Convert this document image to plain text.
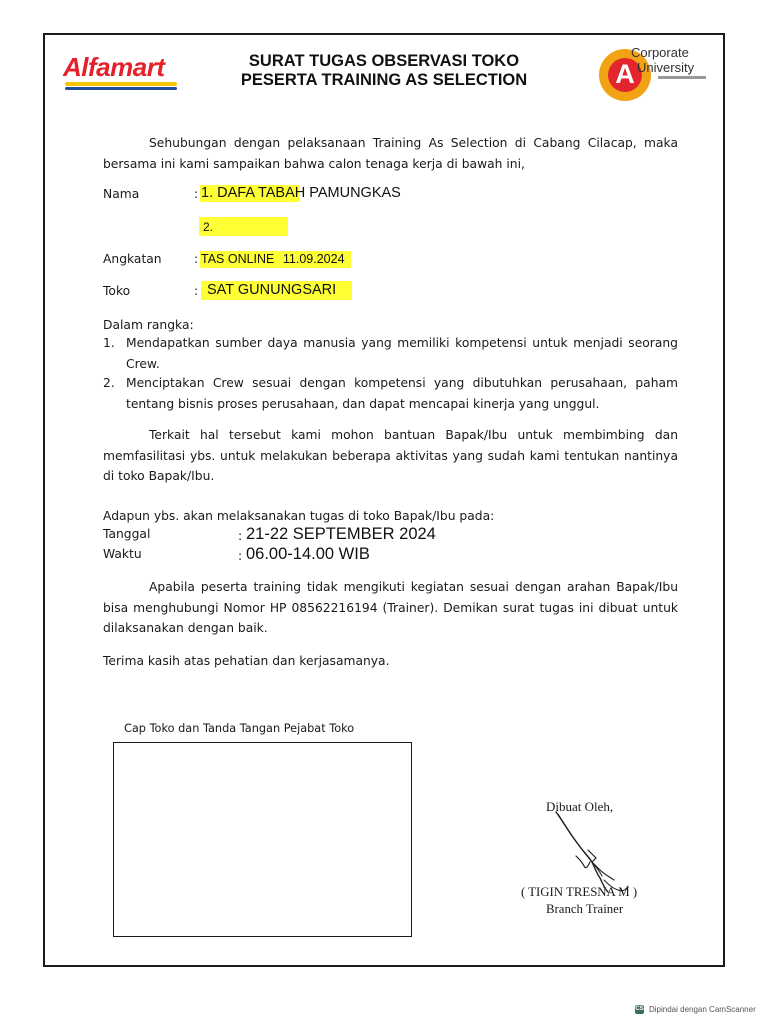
Alfamart	SURAT TUGAS OBSERVASI TOKO
PESERTA TRAINING AS SELECTION	A
Corporate
University
Sehubungan dengan pelaksanaan Training As Selection di Cabang Cilacap, maka bersama ini kami sampaikan bahwa calon tenaga kerja di bawah ini,
Nama	: 1. DAFA TABAH PAMUNGKAS
2.
Angkatan	: TAS ONLINE 11.09.2024
Toko	: SAT GUNUNGSARI
Dalam rangka:
1. Mendapatkan sumber daya manusia yang memiliki kompetensi untuk menjadi seorang Crew.
2. Menciptakan Crew sesuai dengan kompetensi yang dibutuhkan perusahaan, paham tentang bisnis proses perusahaan, dan dapat mencapai kinerja yang unggul.
Terkait hal tersebut kami mohon bantuan Bapak/Ibu untuk membimbing dan memfasilitasi ybs. untuk melakukan beberapa aktivitas yang sudah kami tentukan nantinya di toko Bapak/Ibu.
Adapun ybs. akan melaksanakan tugas di toko Bapak/Ibu pada:
Tanggal	: 21-22 SEPTEMBER 2024
Waktu	: 06.00-14.00 WIB
Apabila peserta training tidak mengikuti kegiatan sesuai dengan arahan Bapak/Ibu bisa menghubungi Nomor HP 08562216194 (Trainer). Demikan surat tugas ini dibuat untuk dilaksanakan dengan baik.
Terima kasih atas pehatian dan kerjasamanya.
Cap Toko dan Tanda Tangan Pejabat Toko
Dibuat Oleh,
( TIGIN TRESNA M )
Branch Trainer
CS Dipindai dengan CamScanner
